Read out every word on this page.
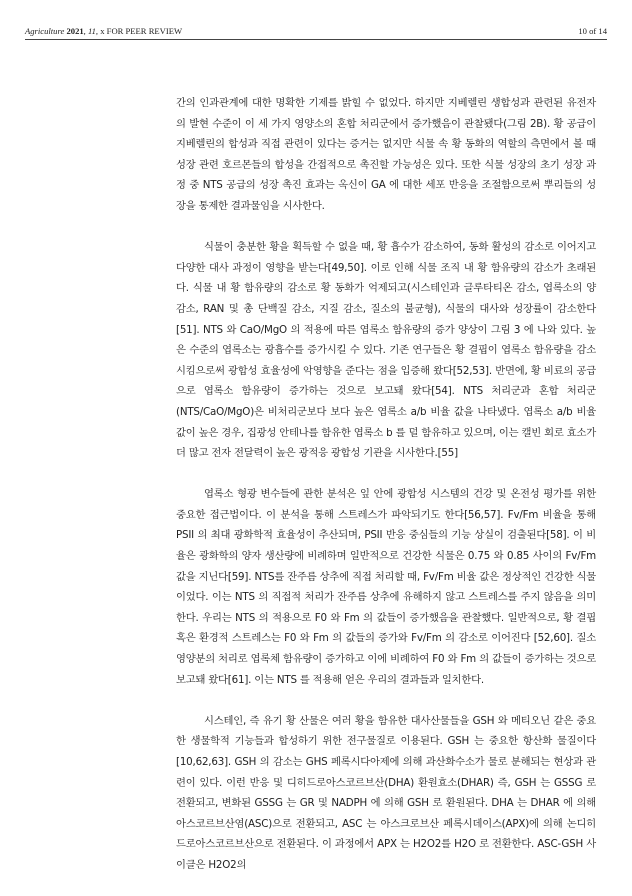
Agriculture 2021, 11, x FOR PEER REVIEW	10 of 14

간의 인과관계에 대한 명확한 기제를 밝힐 수 없었다. 하지만 지베렐린 생합성과 관련된 유전자의 발현 수준이 이 세 가지 영양소의 혼합 처리군에서 증가했음이 관찰됐다(그림 2B). 황 공급이 지베렐린의 합성과 직접 관련이 있다는 증거는 없지만 식물 속 황 동화의 역할의 측면에서 볼 때 성장 관련 호르몬들의 합성을 간접적으로 촉진할 가능성은 있다. 또한 식물 성장의 초기 성장 과정 중 NTS 공급의 성장 촉진 효과는 옥신이 GA 에 대한 세포 반응을 조절함으로써 뿌리들의 성장을 통제한 결과물임을 시사한다.

식물이 충분한 황을 획득할 수 없을 때, 황 흡수가 감소하여, 동화 활성의 감소로 이어지고 다양한 대사 과정이 영향을 받는다[49,50]. 이로 인해 식물 조직 내 황 함유량의 감소가 초래된다. 식물 내 황 함유량의 감소로 황 동화가 억제되고(시스테인과 글루타티온 감소, 엽록소의 양 감소, RAN 및 총 단백질 감소, 지질 감소, 질소의 불균형), 식물의 대사와 성장률이 감소한다[51]. NTS 와 CaO/MgO 의 적용에 따른 엽록소 함유량의 증가 양상이 그림 3 에 나와 있다. 높은 수준의 엽록소는 광흡수를 증가시킬 수 있다. 기존 연구들은 황 결핍이 엽록소 함유량을 감소시킴으로써 광합성 효율성에 악영향을 준다는 점을 입증해 왔다[52,53]. 반면에, 황 비료의 공급으로 엽록소 함유량이 증가하는 것으로 보고돼 왔다[54]. NTS 처리군과 혼합 처리군(NTS/CaO/MgO)은 비처리군보다 보다 높은 엽록소 a/b 비율 값을 나타냈다. 엽록소 a/b 비율 값이 높은 경우, 집광성 안테나를 함유한 엽록소 b 를 덜 함유하고 있으며, 이는 캘빈 회로 효소가 더 많고 전자 전달력이 높은 광적응 광합성 기관을 시사한다.[55]

엽록소 형광 변수들에 관한 분석은 잎 안에 광합성 시스템의 건강 및 온전성 평가를 위한 중요한 접근법이다. 이 분석을 통해 스트레스가 파악되기도 한다[56,57]. Fv/Fm 비율을 통해 PSII 의 최대 광화학적 효율성이 추산되며, PSII 반응 중심들의 기능 상실이 검출된다[58]. 이 비율은 광화학의 양자 생산량에 비례하며 일반적으로 건강한 식물은 0.75 와 0.85 사이의 Fv/Fm 값을 지닌다[59]. NTS를 잔주름 상추에 직접 처리할 때, Fv/Fm 비율 값은 정상적인 건강한 식물이었다. 이는 NTS 의 직접적 처리가 잔주름 상추에 유해하지 않고 스트레스를 주지 않음을 의미한다. 우리는 NTS 의 적용으로 F0 와 Fm 의 값들이 증가했음을 관찰했다. 일반적으로, 황 결핍 혹은 환경적 스트레스는 F0 와 Fm 의 값들의 증가와 Fv/Fm 의 감소로 이어진다 [52,60]. 질소 영양분의 처리로 엽록체 함유량이 증가하고 이에 비례하여 F0 와 Fm 의 값들이 증가하는 것으로 보고돼 왔다[61]. 이는 NTS 를 적용해 얻은 우리의 결과들과 일치한다.

시스테인, 즉 유기 황 산물은 여러 황을 함유한 대사산물들을 GSH 와 메티오닌 같은 중요한 생물학적 기능들과 합성하기 위한 전구물질로 이용된다. GSH 는 중요한 항산화 물질이다 [10,62,63]. GSH 의 감소는 GHS 페록시다아제에 의해 과산화수소가 물로 분해되는 현상과 관련이 있다. 이런 반응 및 디히드로아스코르브산(DHA) 환원효소(DHAR) 즉, GSH 는 GSSG 로 전환되고, 변화된 GSSG 는 GR 및 NADPH 에 의해 GSH 로 환원된다. DHA 는 DHAR 에 의해 아스코르브산염(ASC)으로 전환되고, ASC 는 아스크로브산 페록시데이스(APX)에 의해 논디히드로아스코르브산으로 전환된다. 이 과정에서 APX 는 H2O2를 H2O 로 전환한다. ASC-GSH 사이클은 H2O2의
